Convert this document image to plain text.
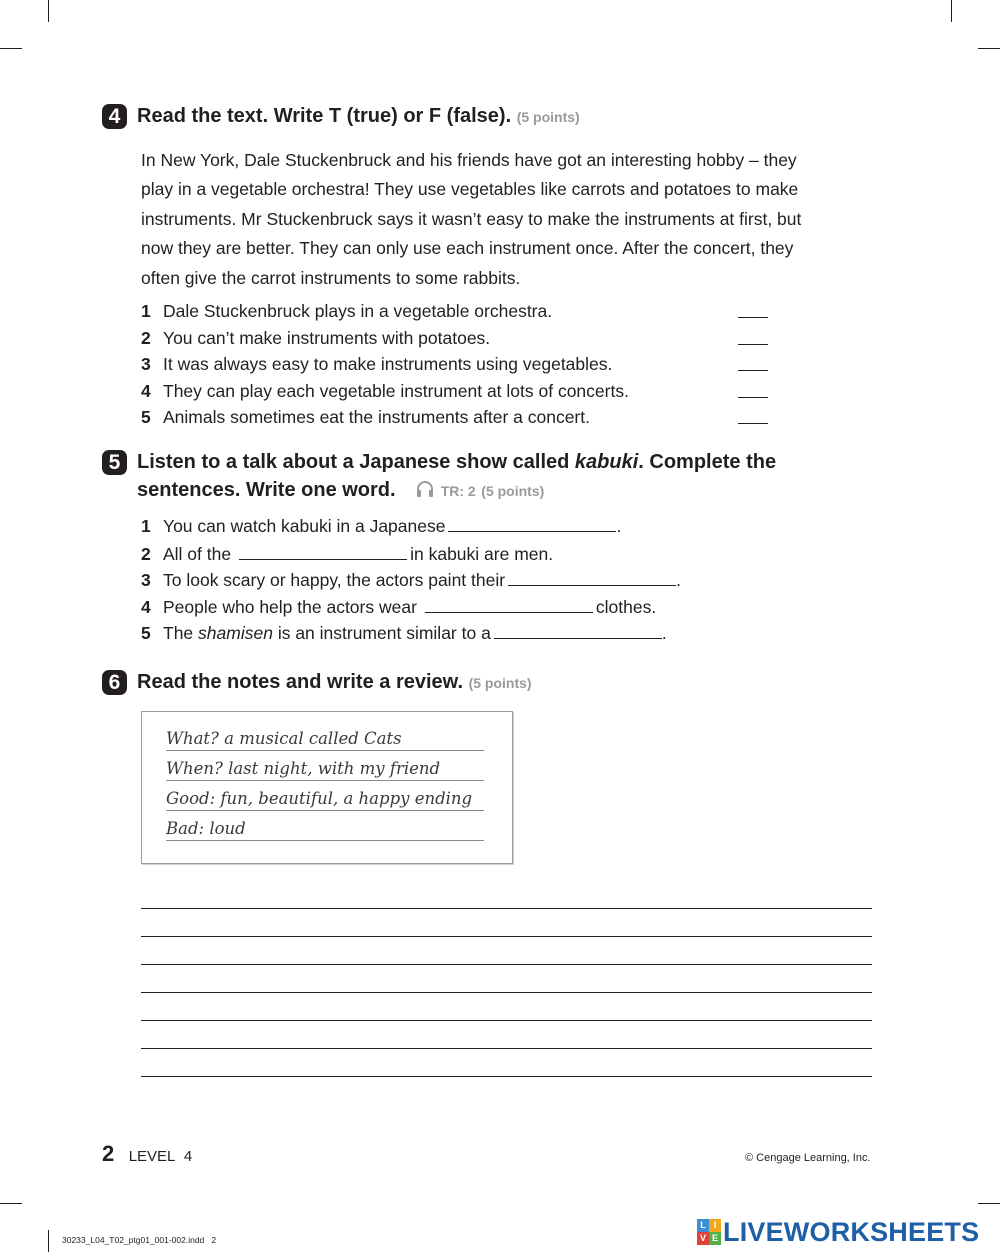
4 Read the text. Write T (true) or F (false). (5 points)
In New York, Dale Stuckenbruck and his friends have got an interesting hobby – they
play in a vegetable orchestra! They use vegetables like carrots and potatoes to make
instruments. Mr Stuckenbruck says it wasn’t easy to make the instruments at first, but
now they are better. They can only use each instrument once. After the concert, they
often give the carrot instruments to some rabbits.
1 Dale Stuckenbruck plays in a vegetable orchestra.
2 You can’t make instruments with potatoes.
3 It was always easy to make instruments using vegetables.
4 They can play each vegetable instrument at lots of concerts.
5 Animals sometimes eat the instruments after a concert.
5 Listen to a talk about a Japanese show called kabuki. Complete the
sentences. Write one word.	TR: 2 (5 points)
1 You can watch kabuki in a Japanese	.
2 All of the	in kabuki are men.
3 To look scary or happy, the actors paint their	.
4 People who help the actors wear	clothes.
5 The shamisen is an instrument similar to a	.
6 Read the notes and write a review. (5 points)
What? a musical called Cats
When? last night, with my friend
Good: fun, beautiful, a happy ending
Bad: loud
2 LEVEL 4	© Cengage Learning, Inc.
30233_L04_T02_ptg01_001-002.indd   2
L I
V E LIVEWORKSHEETS
